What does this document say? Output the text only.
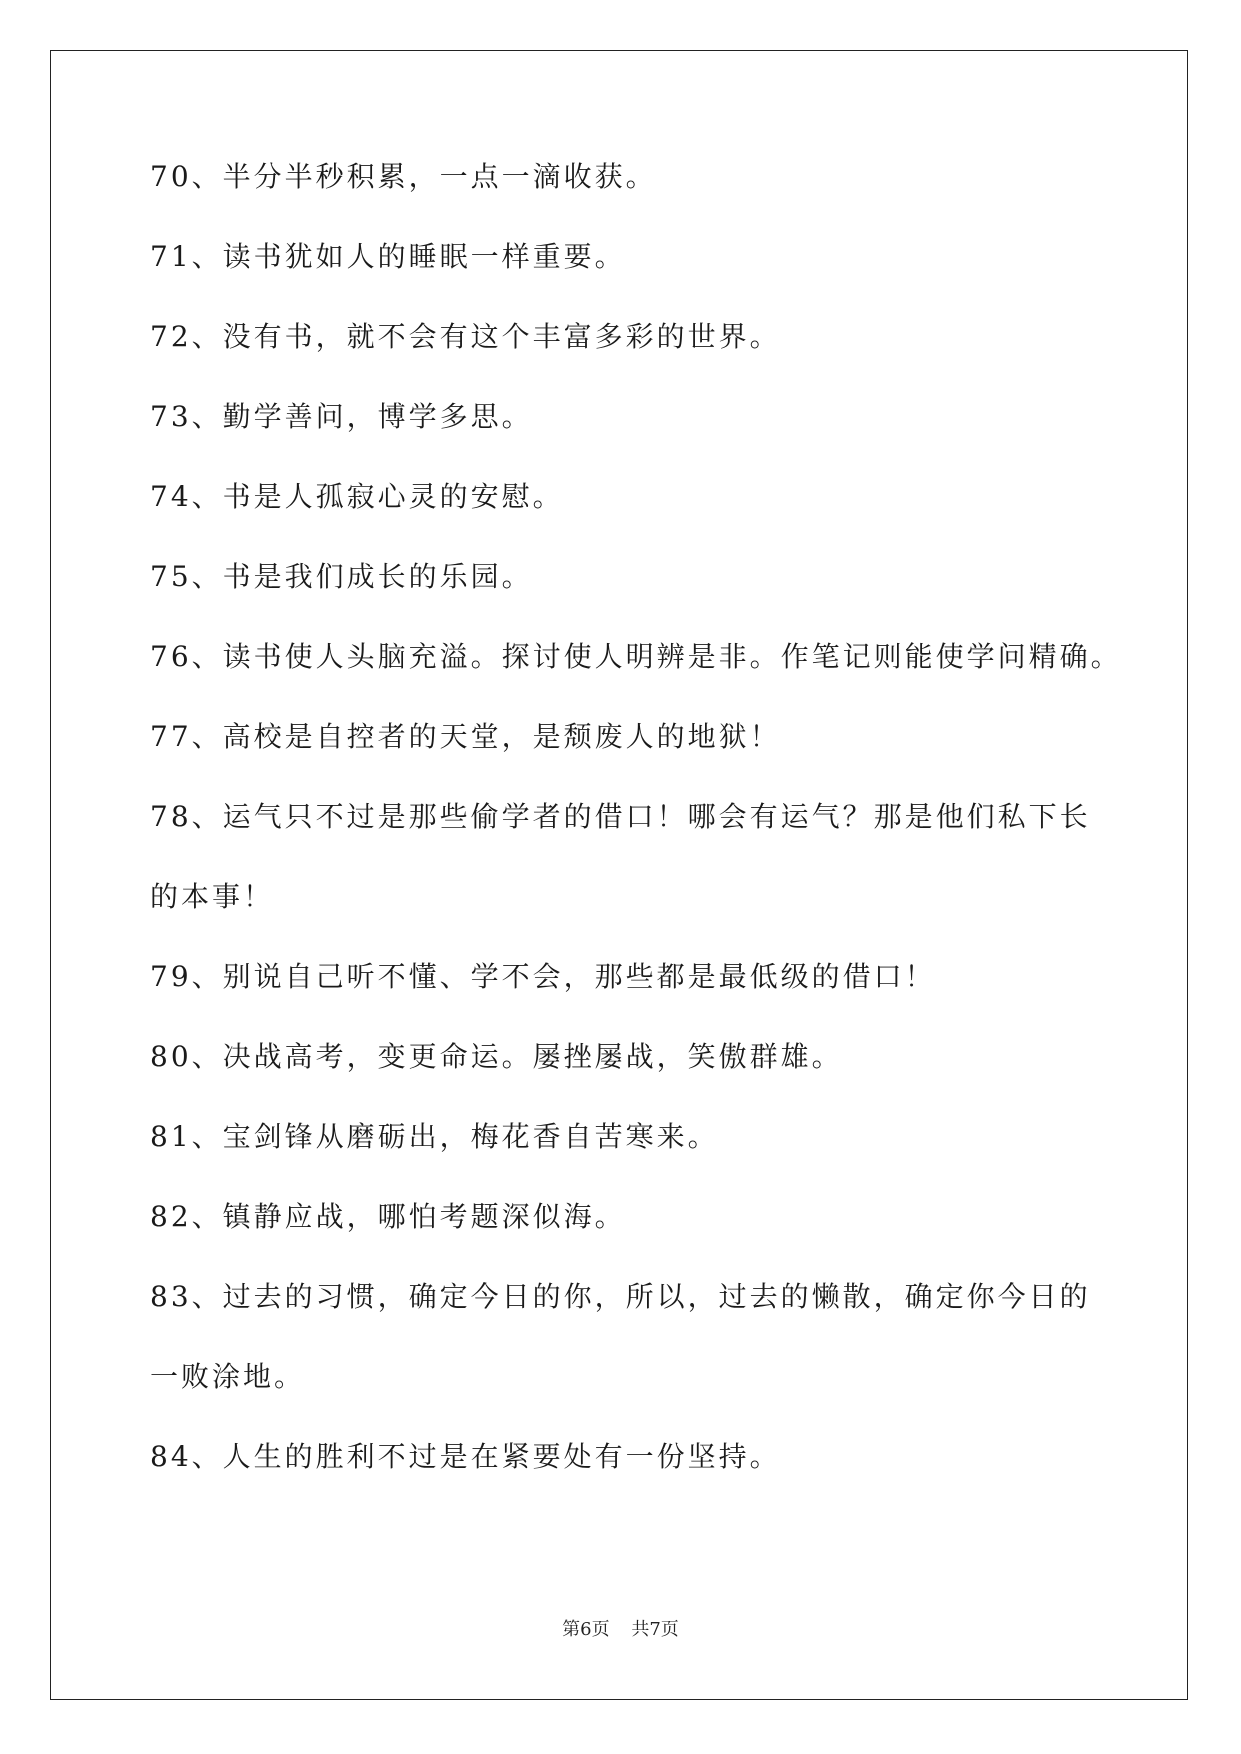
70、半分半秒积累，一点一滴收获。
71、读书犹如人的睡眠一样重要。
72、没有书，就不会有这个丰富多彩的世界。
73、勤学善问，博学多思。
74、书是人孤寂心灵的安慰。
75、书是我们成长的乐园。
76、读书使人头脑充溢。探讨使人明辨是非。作笔记则能使学问精确。
77、高校是自控者的天堂，是颓废人的地狱！
78、运气只不过是那些偷学者的借口！哪会有运气？那是他们私下长
的本事！
79、别说自己听不懂、学不会，那些都是最低级的借口！
80、决战高考，变更命运。屡挫屡战，笑傲群雄。
81、宝剑锋从磨砺出，梅花香自苦寒来。
82、镇静应战，哪怕考题深似海。
83、过去的习惯，确定今日的你，所以，过去的懒散，确定你今日的
一败涂地。
84、人生的胜利不过是在紧要处有一份坚持。
第6页 共7页
